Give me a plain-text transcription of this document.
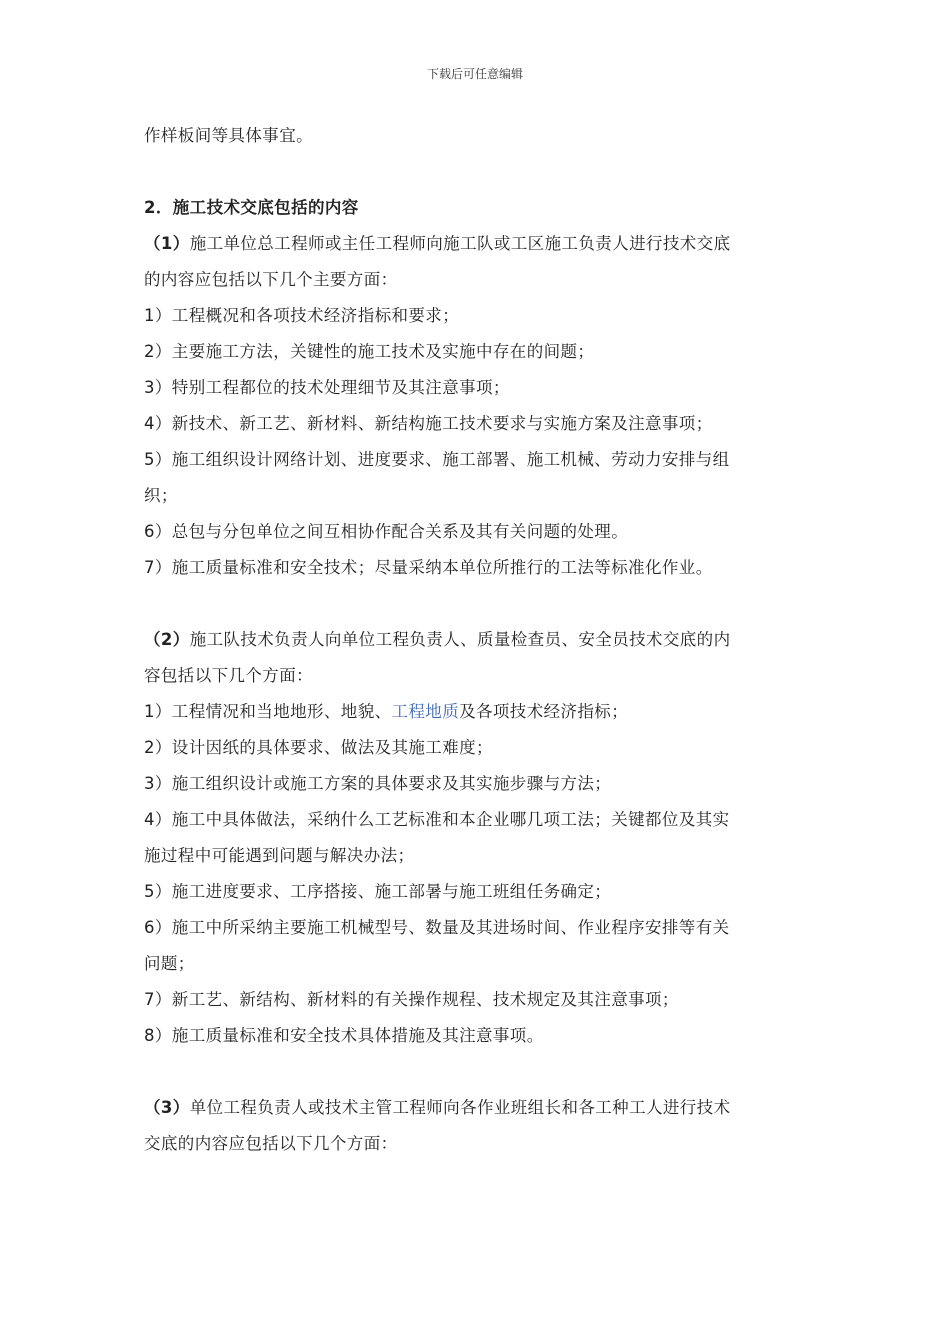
下载后可任意编辑
作样板间等具体事宜。
2．施工技术交底包括的内容
（1）施工单位总工程师或主任工程师向施工队或工区施工负责人进行技术交底
的内容应包括以下几个主要方面：
1）工程概况和各项技术经济指标和要求；
2）主要施工方法，关键性的施工技术及实施中存在的间题；
3）特别工程都位的技术处理细节及其注意事项；
4）新技术、新工艺、新材料、新结构施工技术要求与实施方案及注意事项；
5）施工组织设计网络计划、进度要求、施工部署、施工机械、劳动力安排与组
织；
6）总包与分包单位之间互相协作配合关系及其有关问题的处理。
7）施工质量标准和安全技术；尽量采纳本单位所推行的工法等标准化作业。
（2）施工队技术负责人向单位工程负责人、质量检查员、安全员技术交底的内
容包括以下几个方面：
1）工程情况和当地地形、地貌、工程地质及各项技术经济指标；
2）设计因纸的具体要求、做法及其施工难度；
3）施工组织设计或施工方案的具体要求及其实施步骤与方法；
4）施工中具体做法，采纳什么工艺标准和本企业哪几项工法；关键都位及其实
施过程中可能遇到问题与解决办法；
5）施工进度要求、工序搭接、施工部暑与施工班组任务确定；
6）施工中所采纳主要施工机械型号、数量及其进场时间、作业程序安排等有关
问题；
7）新工艺、新结构、新材料的有关操作规程、技术规定及其注意事项；
8）施工质量标准和安全技术具体措施及其注意事项。
（3）单位工程负责人或技术主管工程师向各作业班组长和各工种工人进行技术
交底的内容应包括以下几个方面：
